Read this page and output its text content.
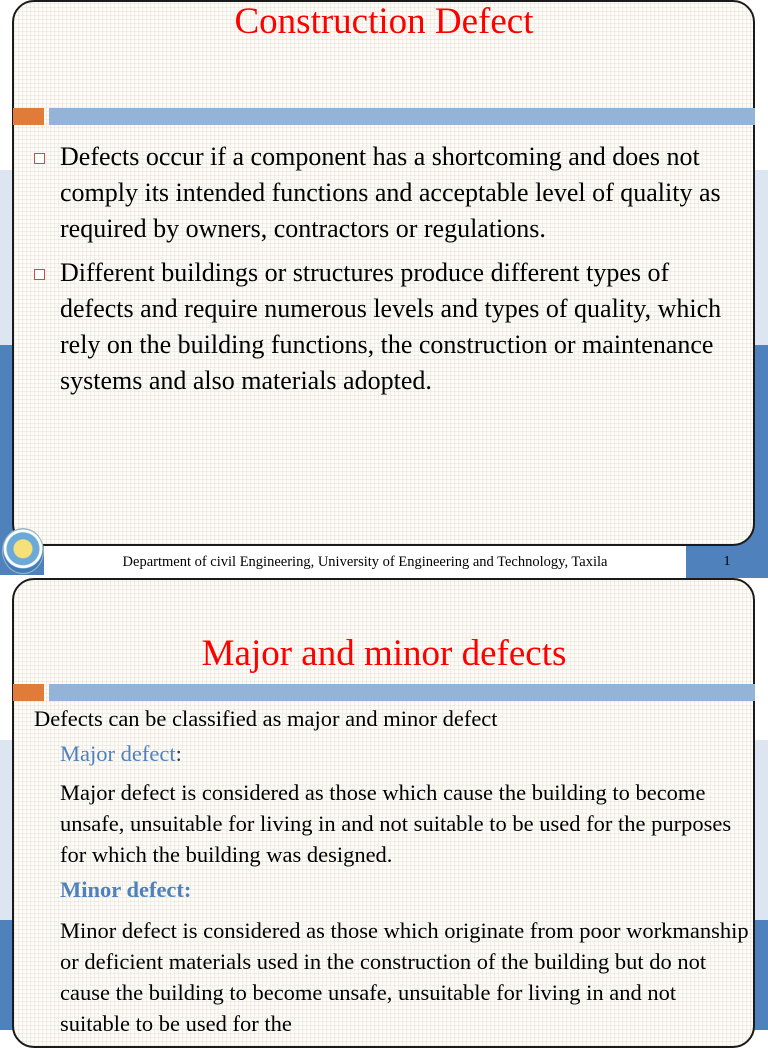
Construction Defect
Defects occur if a component has a shortcoming and does not comply its intended functions and acceptable level of quality as required by owners, contractors or regulations.
Different buildings or structures produce different types of defects and require numerous levels and types of quality, which rely on the building functions, the construction or maintenance systems and also materials adopted.
Department of civil Engineering, University of Engineering and Technology, Taxila	1
Major and minor defects
Defects can be classified as major and minor defect
Major defect:
Major defect is considered as those which cause the building to become unsafe, unsuitable for living in and not suitable to be used for the purposes for which the building was designed.
Minor defect:
Minor defect is considered as those which originate from poor workmanship or deficient materials used in the construction of the building but do not cause the building to become unsafe, unsuitable for living in and not suitable to be used for the
